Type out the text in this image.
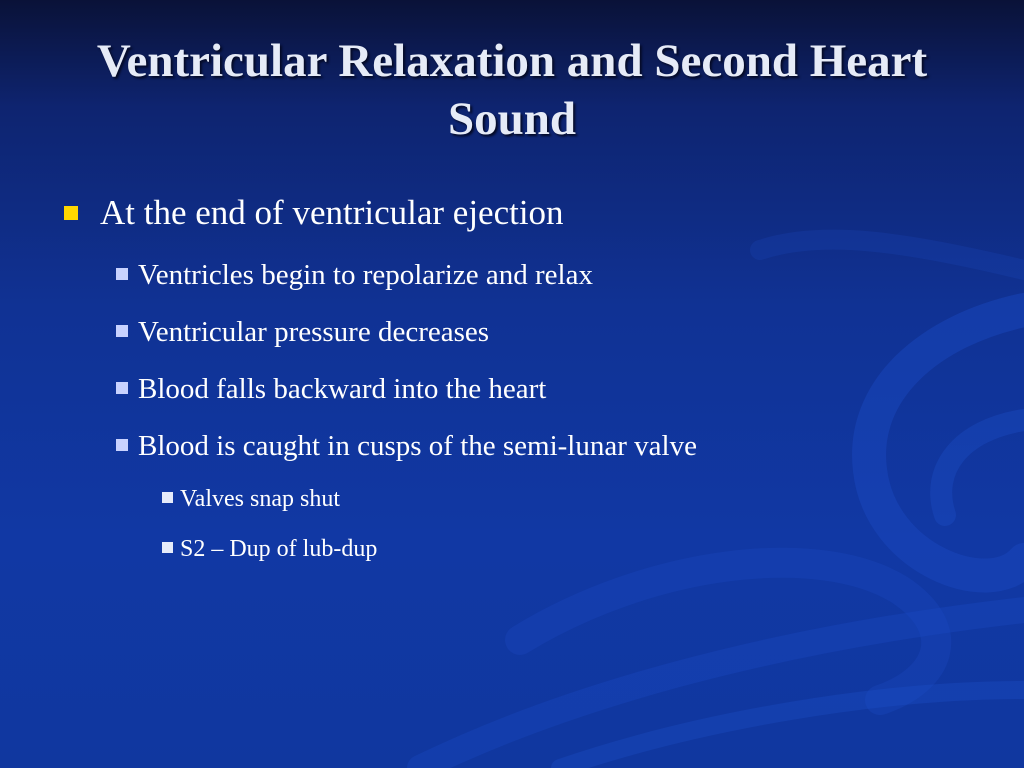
Ventricular Relaxation and Second Heart Sound
At the end of ventricular ejection
Ventricles begin to repolarize and relax
Ventricular pressure decreases
Blood falls backward into the heart
Blood is caught in cusps of the semi-lunar valve
Valves snap shut
S2 – Dup of lub-dup
